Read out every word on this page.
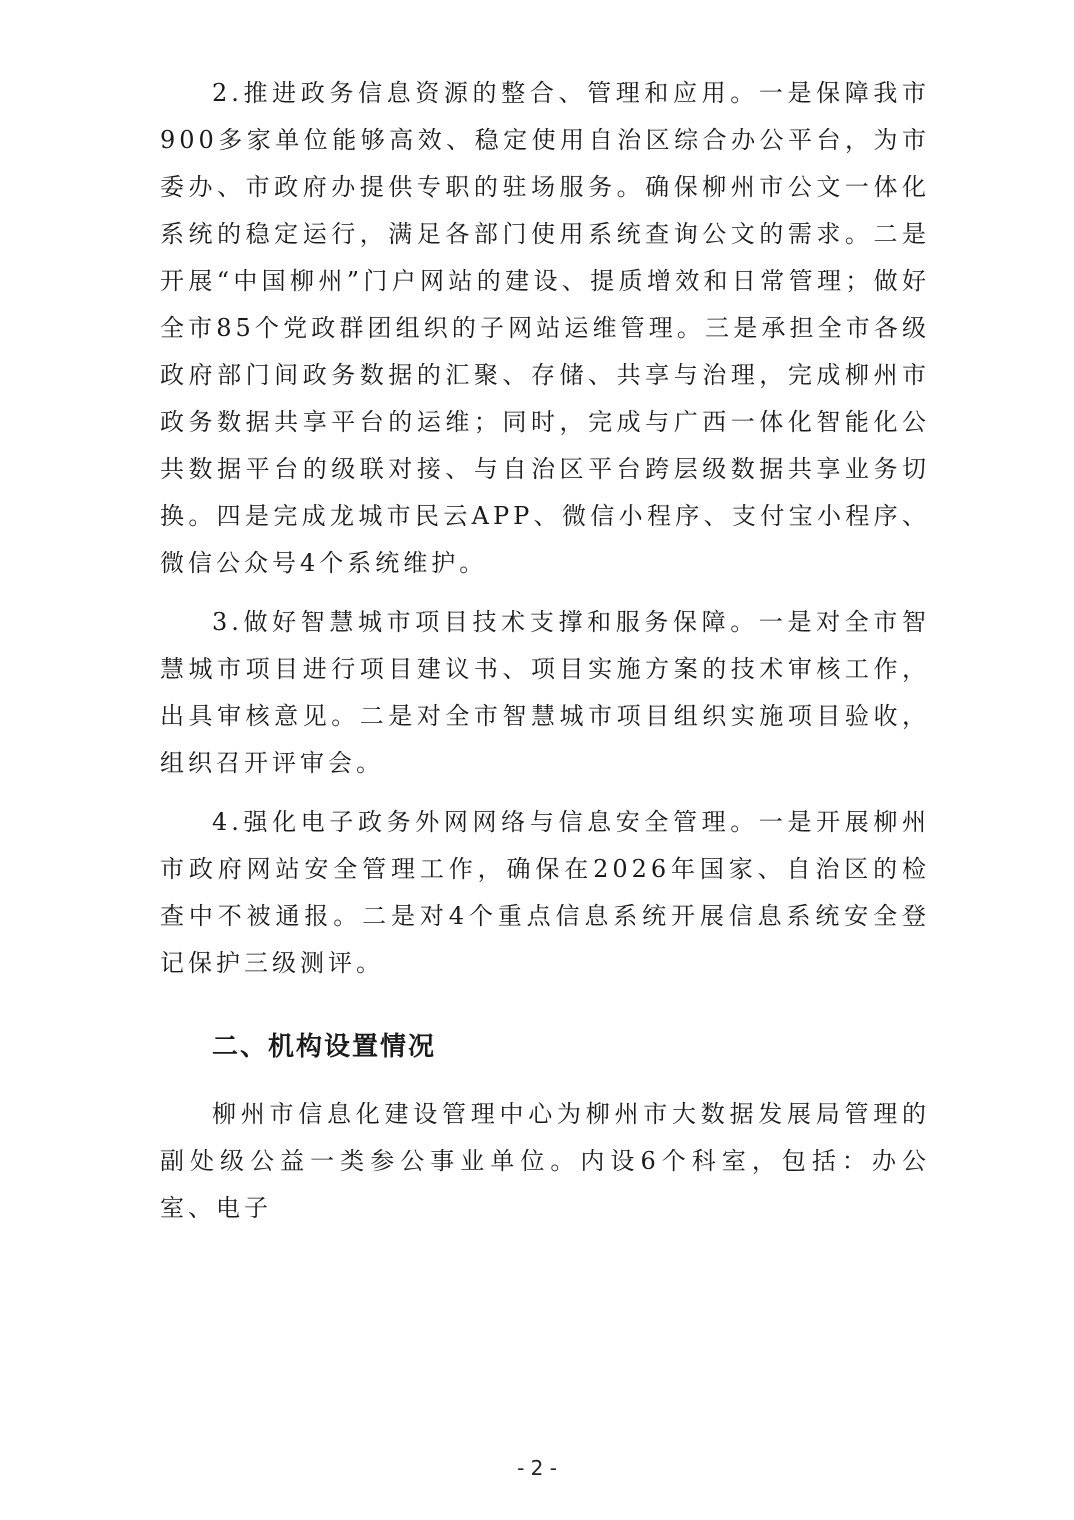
2.推进政务信息资源的整合、管理和应用。一是保障我市900多家单位能够高效、稳定使用自治区综合办公平台，为市委办、市政府办提供专职的驻场服务。确保柳州市公文一体化系统的稳定运行，满足各部门使用系统查询公文的需求。二是开展“中国柳州”门户网站的建设、提质增效和日常管理；做好全市85个党政群团组织的子网站运维管理。三是承担全市各级政府部门间政务数据的汇聚、存储、共享与治理，完成柳州市政务数据共享平台的运维；同时，完成与广西一体化智能化公共数据平台的级联对接、与自治区平台跨层级数据共享业务切换。四是完成龙城市民云APP、微信小程序、支付宝小程序、微信公众号4个系统维护。

3.做好智慧城市项目技术支撑和服务保障。一是对全市智慧城市项目进行项目建议书、项目实施方案的技术审核工作，出具审核意见。二是对全市智慧城市项目组织实施项目验收，组织召开评审会。

4.强化电子政务外网网络与信息安全管理。一是开展柳州市政府网站安全管理工作，确保在2026年国家、自治区的检查中不被通报。二是对4个重点信息系统开展信息系统安全登记保护三级测评。

二、机构设置情况

柳州市信息化建设管理中心为柳州市大数据发展局管理的副处级公益一类参公事业单位。内设6个科室，包括：办公室、电子

- 2 -
